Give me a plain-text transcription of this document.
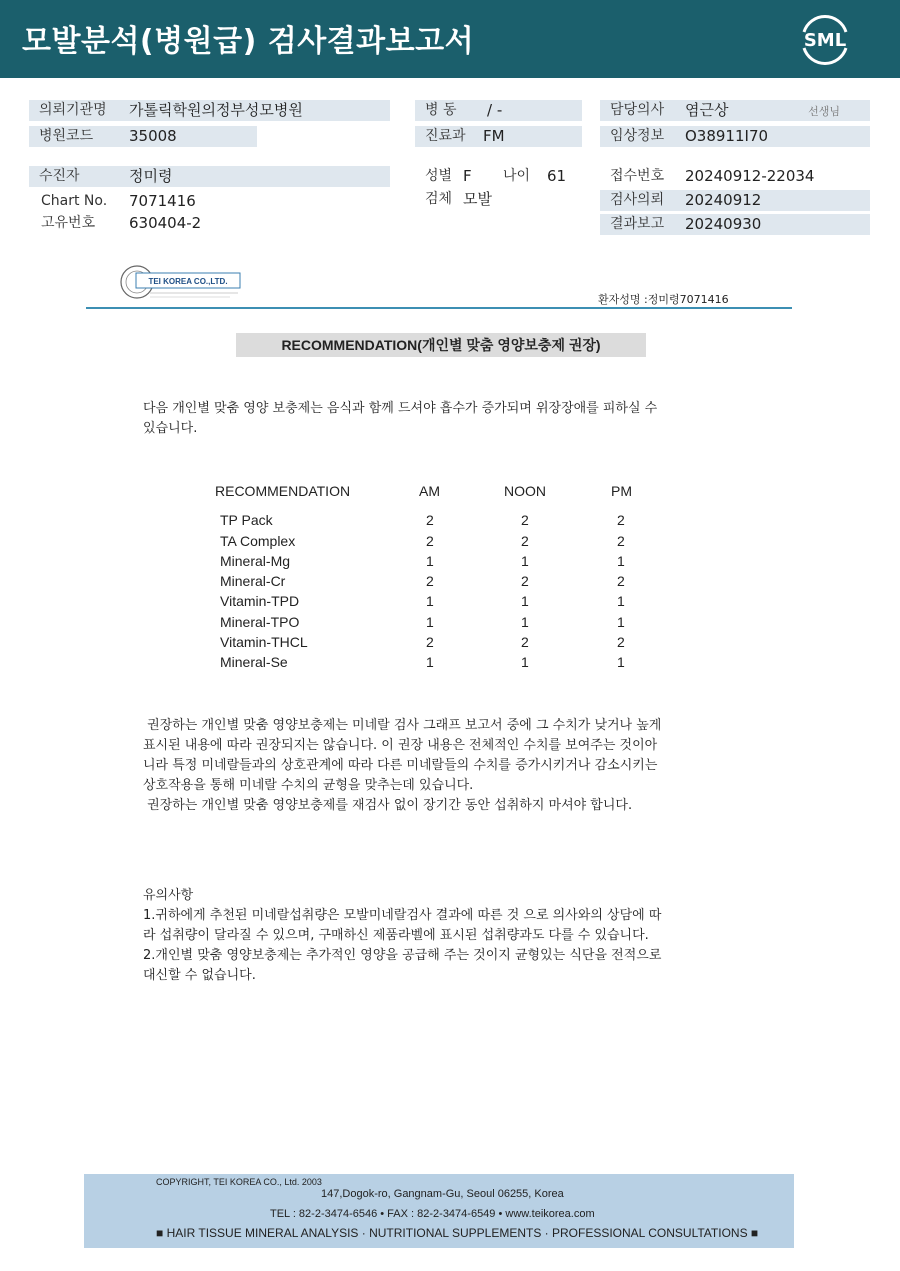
모발분석(병원급) 검사결과보고서	SML
의뢰기관명 가톨릭학원의정부성모병원
병원코드 35008
병 동 / -
진료과 FM
담당의사 염근상	선생님
임상정보 O38911I70
수진자	정미령
Chart No. 7071416
고유번호 630404-2
성별 F 나이 61
검체 모발
접수번호 20240912-22034
검사의뢰 20240912
결과보고 20240930
TEI KOREA CO.,LTD.
환자성명 :정미령7071416
RECOMMENDATION(개인별 맞춤 영양보충제 권장)
다음 개인별 맞춤 영양 보충제는 음식과 함께 드셔야 흡수가 증가되며 위장장애를 피하실 수
있습니다.
RECOMMENDATION	AM	NOON	PM
TP Pack	2	2	2
TA Complex	2	2	2
Mineral-Mg	1	1	1
Mineral-Cr	2	2	2
Vitamin-TPD	1	1	1
Mineral-TPO	1	1	1
Vitamin-THCL	2	2	2
Mineral-Se	1	1	1
권장하는 개인별 맞춤 영양보충제는 미네랄 검사 그래프 보고서 중에 그 수치가 낮거나 높게
표시된 내용에 따라 권장되지는 않습니다. 이 권장 내용은 전체적인 수치를 보여주는 것이아
니라 특정 미네랄들과의 상호관계에 따라 다른 미네랄들의 수치를 증가시키거나 감소시키는
상호작용을 통해 미네랄 수치의 균형을 맞추는데 있습니다.
권장하는 개인별 맞춤 영양보충제를 재검사 없이 장기간 동안 섭취하지 마셔야 합니다.
유의사항
1.귀하에게 추천된 미네랄섭취량은 모발미네랄검사 결과에 따른 것 으로 의사와의 상담에 따
라 섭취량이 달라질 수 있으며, 구매하신 제품라벨에 표시된 섭취량과도 다를 수 있습니다.
2.개인별 맞춤 영양보충제는 추가적인 영양을 공급해 주는 것이지 균형있는 식단을 전적으로
대신할 수 없습니다.
COPYRIGHT, TEI KOREA CO., Ltd. 2003
147,Dogok-ro, Gangnam-Gu, Seoul 06255, Korea
TEL : 82-2-3474-6546 • FAX : 82-2-3474-6549 • www.teikorea.com
■ HAIR TISSUE MINERAL ANALYSIS · NUTRITIONAL SUPPLEMENTS · PROFESSIONAL CONSULTATIONS ■
